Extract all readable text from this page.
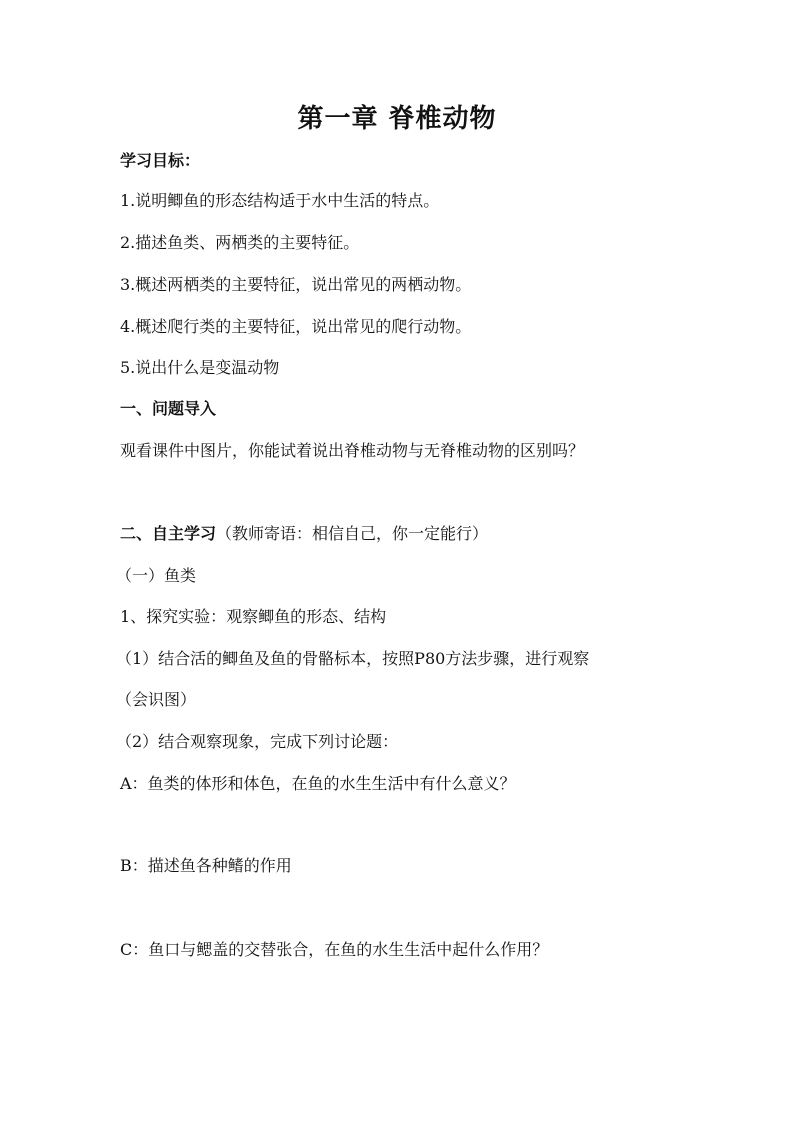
第一章 脊椎动物
学习目标：
1.说明鲫鱼的形态结构适于水中生活的特点。
2.描述鱼类、两栖类的主要特征。
3.概述两栖类的主要特征，说出常见的两栖动物。
4.概述爬行类的主要特征，说出常见的爬行动物。
5.说出什么是变温动物
一、问题导入
观看课件中图片，你能试着说出脊椎动物与无脊椎动物的区别吗？
二、自主学习（教师寄语：相信自己，你一定能行）
（一）鱼类
1、探究实验：观察鲫鱼的形态、结构
（1）结合活的鲫鱼及鱼的骨骼标本，按照P80方法步骤，进行观察
（会识图）
（2）结合观察现象，完成下列讨论题：
A：鱼类的体形和体色，在鱼的水生生活中有什么意义？
B：描述鱼各种鳍的作用
C：鱼口与鳃盖的交替张合，在鱼的水生生活中起什么作用？
